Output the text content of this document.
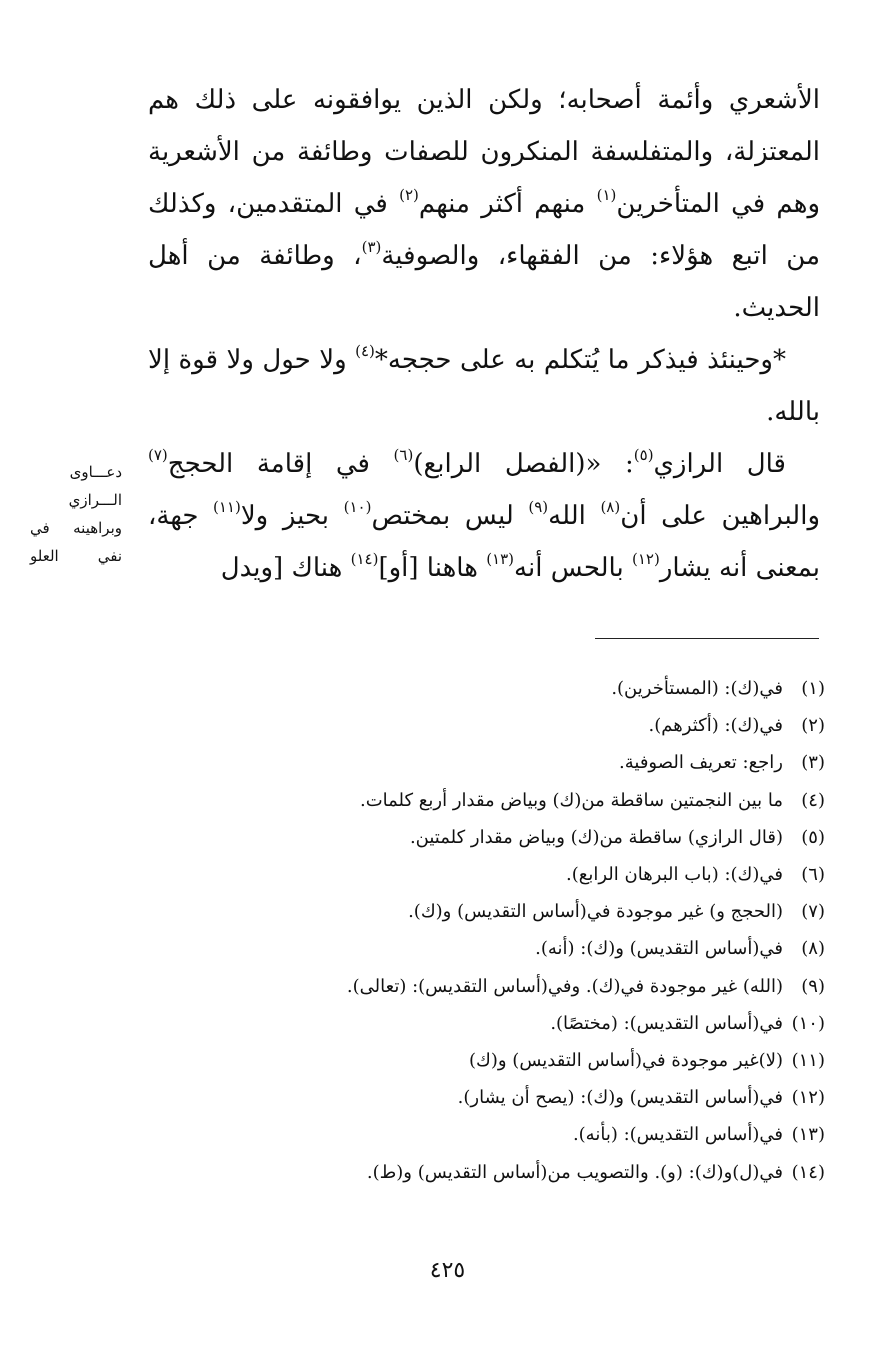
الأشعري وأئمة أصحابه؛ ولكن الذين يوافقونه على ذلك هم المعتزلة، والمتفلسفة المنكرون للصفات وطائفة من الأشعرية وهم في المتأخرين$^{(١)}$ منهم أكثر منهم$^{(٢)}$ في المتقدمين، وكذلك من اتبع هؤلاء: من الفقهاء، والصوفية$^{(٣)}$، وطائفة من أهل الحديث.

*وحينئذ فيذكر ما يُتكلم به على حججه*$^{(٤)}$ ولا حول ولا قوة إلا بالله.

قال الرازي$^{(٥)}$: «(الفصل الرابع)$^{(٦)}$ في إقامة الحجج$^{(٧)}$ والبراهين على أن$^{(٨)}$ الله$^{(٩)}$ ليس بمختص$^{(١٠)}$ بحيز ولا$^{(١١)}$ جهة، بمعنى أنه يشار$^{(١٢)}$ بالحس أنه$^{(١٣)}$ هاهنا [أو]$^{(١٤)}$ هناك [ويدل

دعـــاوى
الـــرازي
وبراهينه في
نفي العلو
(١)
في(ك): (المستأخرين).
(٢)
في(ك): (أكثرهم).
(٣)
راجع: تعريف الصوفية.
(٤)
ما بين النجمتين ساقطة من(ك) وبياض مقدار أربع كلمات.
(٥)
(قال الرازي) ساقطة من(ك) وبياض مقدار كلمتين.
(٦)
في(ك): (باب البرهان الرابع).
(٧)
(الحجج و) غير موجودة في(أساس التقديس) و(ك).
(٨)
في(أساس التقديس) و(ك): (أنه).
(٩)
(الله) غير موجودة في(ك). وفي(أساس التقديس): (تعالى).
(١٠)
في(أساس التقديس): (مختصًا).
(١١)
(لا)غير موجودة في(أساس التقديس) و(ك)
(١٢)
في(أساس التقديس) و(ك): (يصح أن يشار).
(١٣)
في(أساس التقديس): (بأنه).
(١٤)
في(ل)و(ك): (و). والتصويب من(أساس التقديس) و(ط).
٤٢٥
